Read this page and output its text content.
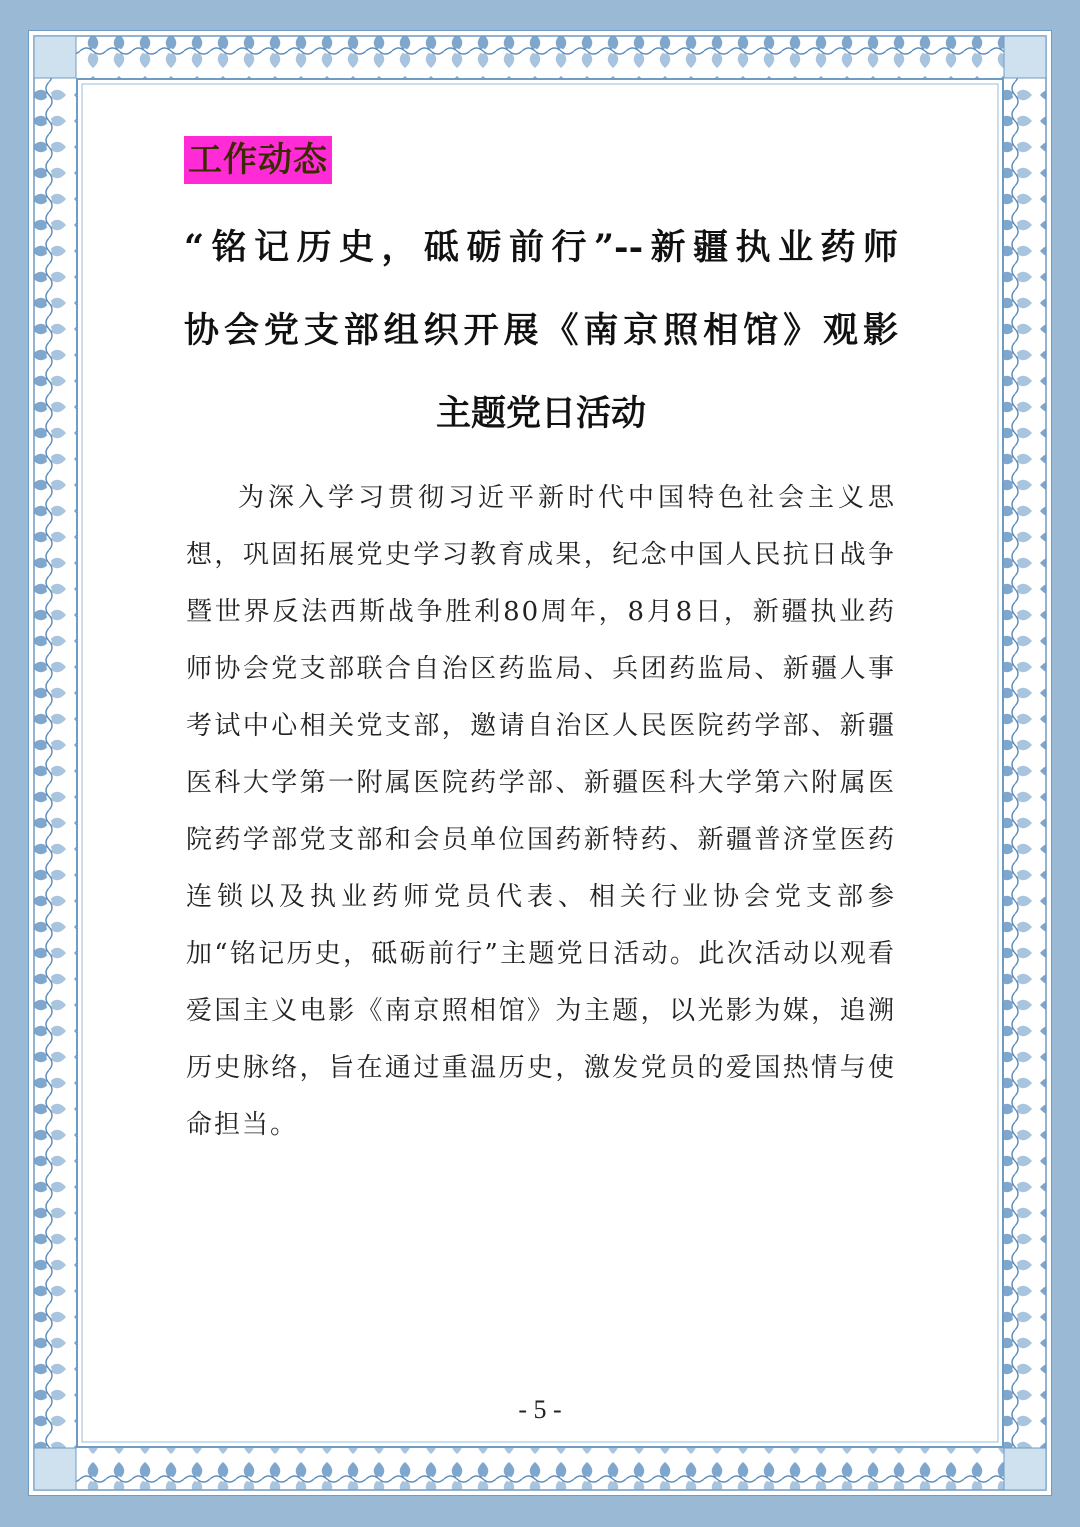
工作动态
“铭记历史，砥砺前行”--新疆执业药师
协会党支部组织开展《南京照相馆》观影
主题党日活动

为深入学习贯彻习近平新时代中国特色社会主义思想，巩固拓展党史学习教育成果，纪念中国人民抗日战争暨世界反法西斯战争胜利80周年，8月8日，新疆执业药师协会党支部联合自治区药监局、兵团药监局、新疆人事考试中心相关党支部，邀请自治区人民医院药学部、新疆医科大学第一附属医院药学部、新疆医科大学第六附属医院药学部党支部和会员单位国药新特药、新疆普济堂医药连锁以及执业药师党员代表、相关行业协会党支部参加“铭记历史，砥砺前行”主题党日活动。此次活动以观看爱国主义电影《南京照相馆》为主题，以光影为媒，追溯历史脉络，旨在通过重温历史，激发党员的爱国热情与使命担当。

- 5 -
